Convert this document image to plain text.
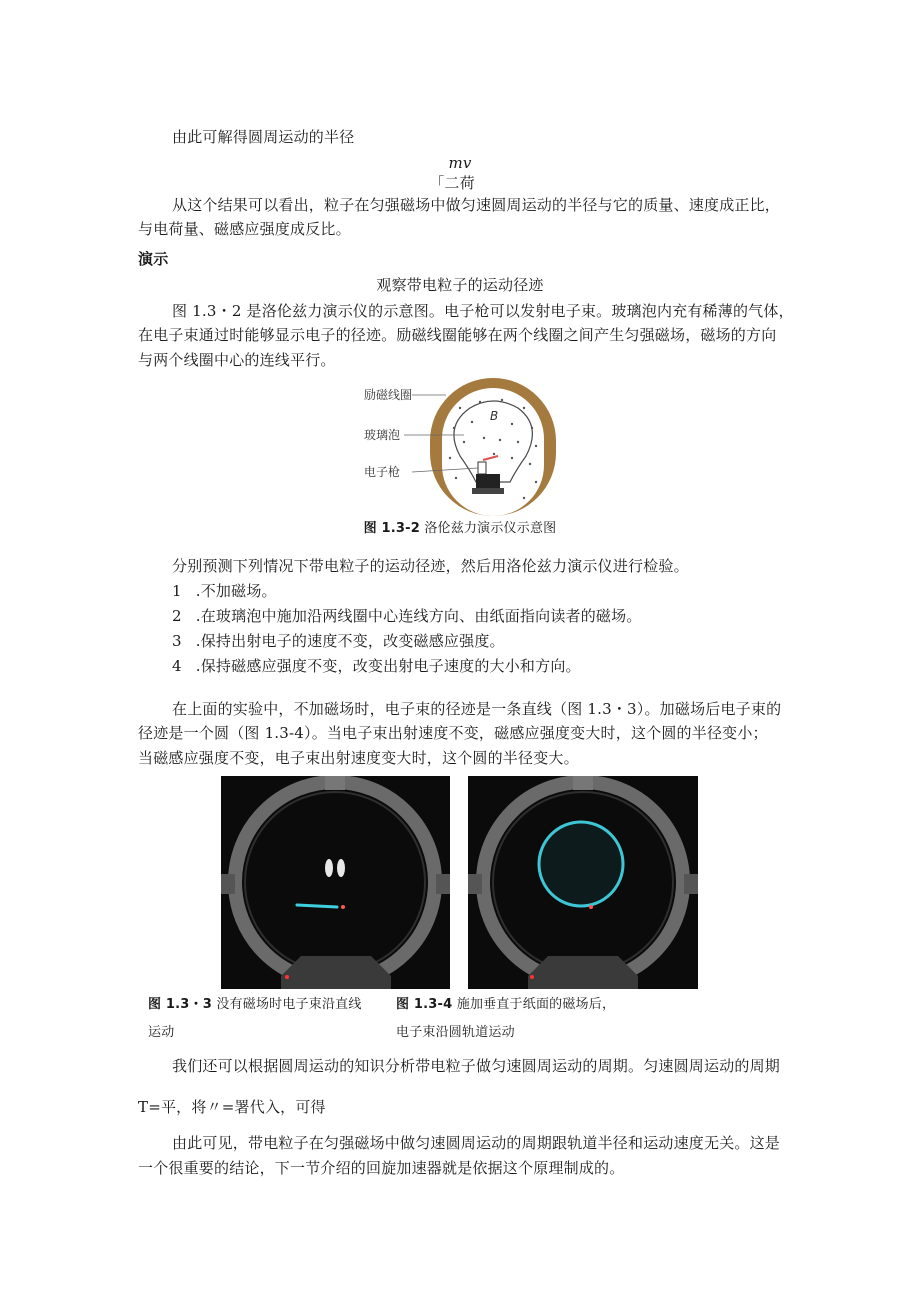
由此可解得圆周运动的半径
mv
「二荷
从这个结果可以看出，粒子在匀强磁场中做匀速圆周运动的半径与它的质量、速度成正比，
与电荷量、磁感应强度成反比。
演示
观察带电粒子的运动径迹
图 1.3・2 是洛伦兹力演示仪的示意图。电子枪可以发射电子束。玻璃泡内充有稀薄的气体，
在电子束通过时能够显示电子的径迹。励磁线圈能够在两个线圈之间产生匀强磁场，磁场的方向
与两个线圈中心的连线平行。
B
励磁线圈
玻璃泡
电子枪
图 1.3-2 洛伦兹力演示仪示意图
分别预测下列情况下带电粒子的运动径迹，然后用洛伦兹力演示仪进行检验。
1 .不加磁场。
2 .在玻璃泡中施加沿两线圈中心连线方向、由纸面指向读者的磁场。
3 .保持出射电子的速度不变，改变磁感应强度。
4 .保持磁感应强度不变，改变出射电子速度的大小和方向。
在上面的实验中，不加磁场时，电子束的径迹是一条直线（图 1.3・3）。加磁场后电子束的
径迹是一个圆（图 1.3-4）。当电子束出射速度不变，磁感应强度变大时，这个圆的半径变小；
当磁感应强度不变，电子束出射速度变大时，这个圆的半径变大。
图 1.3・3 没有磁场时电子束沿直线
运动
图 1.3-4 施加垂直于纸面的磁场后，
电子束沿圆轨道运动
我们还可以根据圆周运动的知识分析带电粒子做匀速圆周运动的周期。匀速圆周运动的周期
T=平，将〃=署代入，可得
由此可见，带电粒子在匀强磁场中做匀速圆周运动的周期跟轨道半径和运动速度无关。这是
一个很重要的结论，下一节介绍的回旋加速器就是依据这个原理制成的。
